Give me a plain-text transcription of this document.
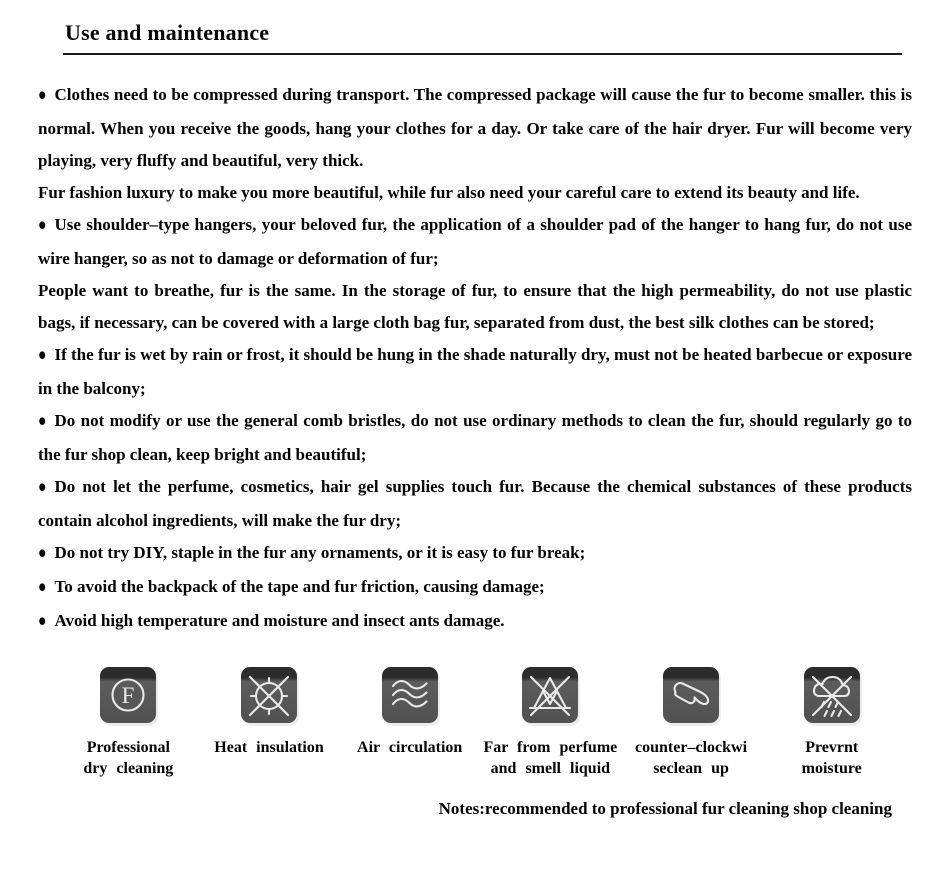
Use and maintenance

● Clothes need to be compressed during transport. The compressed package will cause the fur to become smaller. this is normal. When you receive the goods, hang your clothes for a day. Or take care of the hair dryer. Fur will become very playing, very fluffy and beautiful, very thick.

Fur fashion luxury to make you more beautiful, while fur also need your careful care to extend its beauty and life.

● Use shoulder–type hangers, your beloved fur, the application of a shoulder pad of the hanger to hang fur, do not use wire hanger, so as not to damage or deformation of fur;

People want to breathe, fur is the same. In the storage of fur, to ensure that the high permeability, do not use plastic bags, if necessary, can be covered with a large cloth bag fur, separated from dust, the best silk clothes can be stored;

● If the fur is wet by rain or frost, it should be hung in the shade naturally dry, must not be heated barbecue or exposure in the balcony;

● Do not modify or use the general comb bristles, do not use ordinary methods to clean the fur, should regularly go to the fur shop clean, keep bright and beautiful;

● Do not let the perfume, cosmetics, hair gel supplies touch fur. Because the chemical substances of these products contain alcohol ingredients, will make the fur dry;

● Do not try DIY, staple in the fur any ornaments, or it is easy to fur break;

● To avoid the backpack of the tape and fur friction, causing damage;

● Avoid high temperature and moisture and insect ants damage.

F
Professional
dry cleaning
Heat insulation Air circulation Far from perfume
and smell liquid
counter–clockwi
seclean up
Prevrnt
moisture
Notes:recommended to professional fur cleaning shop cleaning
